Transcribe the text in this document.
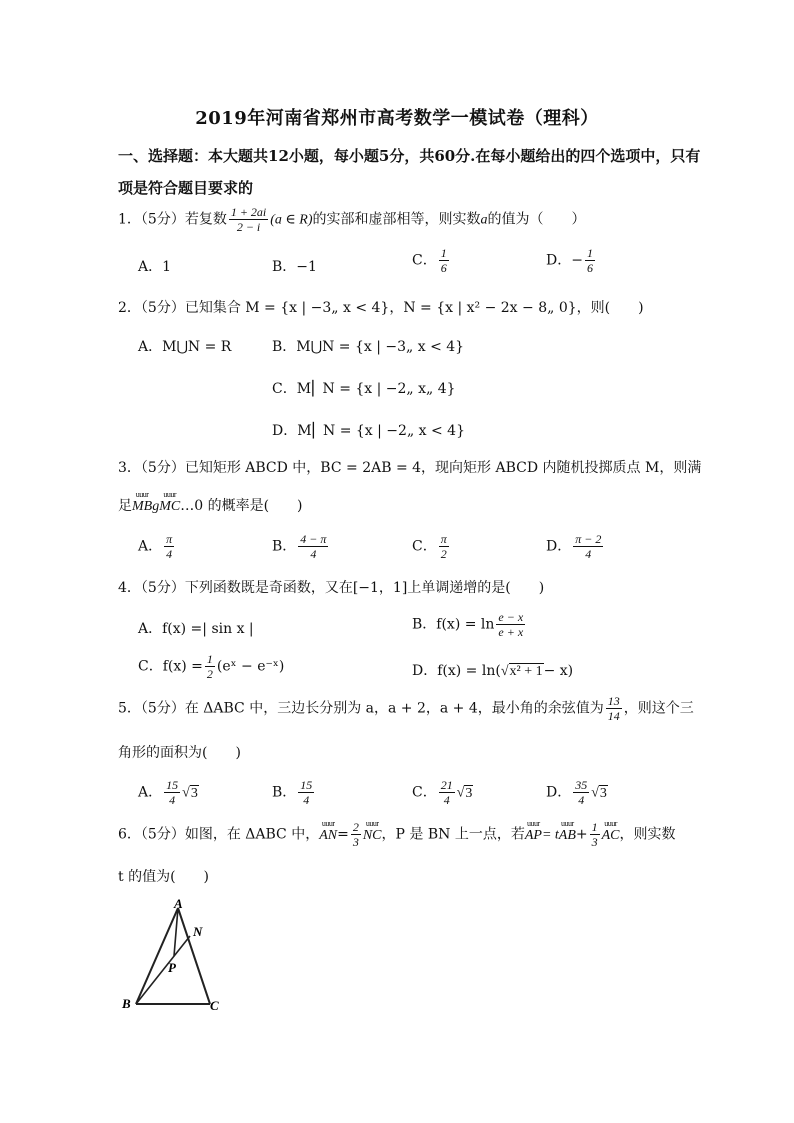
2019年河南省郑州市高考数学一模试卷（理科）
一、选择题：本大题共12小题，每小题5分，共60分.在每小题给出的四个选项中，只有
项是符合题目要求的
1．（5分）若复数 $\frac{1 + 2ai}{2 - i} (a$ ∈ R)的实部和虚部相等，则实数a的值为（　　）
A．1	B．−1	C． $\frac{1}{6}$	D．− $\frac{1}{6}$
2．（5分）已知集合 M = {x | −3„ x < 4}，N = {x | x² − 2x − 8„ 0}，则(　　)
A．M⋃N = R	B．M⋃N = {x | −3„ x < 4}
C．M⎢ N = {x | −2„ x„ 4}
D．M⎢ N = {x | −2„ x < 4}
3．（5分）已知矩形 ABCD 中，BC = 2AB = 4，现向矩形 ABCD 内随机投掷质点 M，则满
足
uuur
MBg
uuur
MC…0 的概率是(　　)
A． $\frac{\pi}{4}$	B． $\frac{4 - \pi}{4}$	C． $\frac{\pi}{2}$	D． $\frac{\pi - 2}{4}$
4．（5分）下列函数既是奇函数，又在[−1，1]上单调递增的是(　　)
A．f(x) =| sin x |	B．$f(x) = \ln \frac{e - x}{e + x}$
C．$f(x) = \frac{1}{2}$ (eˣ − e⁻ˣ)	D．f(x) = ln(√x² + 1− x)
5．（5分）在 ΔABC 中，三边长分别为 a，a + 2，a + 4，最小角的余弦值为 $\frac{13}{14}$ ，则这个三
角形的面积为(　　)
A． $\frac{15}{4} √3$	B． $\frac{15}{4}$	C． $\frac{21}{4} √3$	D． $\frac{35}{4} √3$
6．（5分）如图，在 ΔABC 中，
uuur
$AN= \frac{2}{3}$ uuur
NC，P 是 BN 上一点，若
uuur
AP= t
uuur
$AB+ \frac{1}{3}$ uuur
AC，则实数
t 的值为(　　)
A
N
P
B	C
